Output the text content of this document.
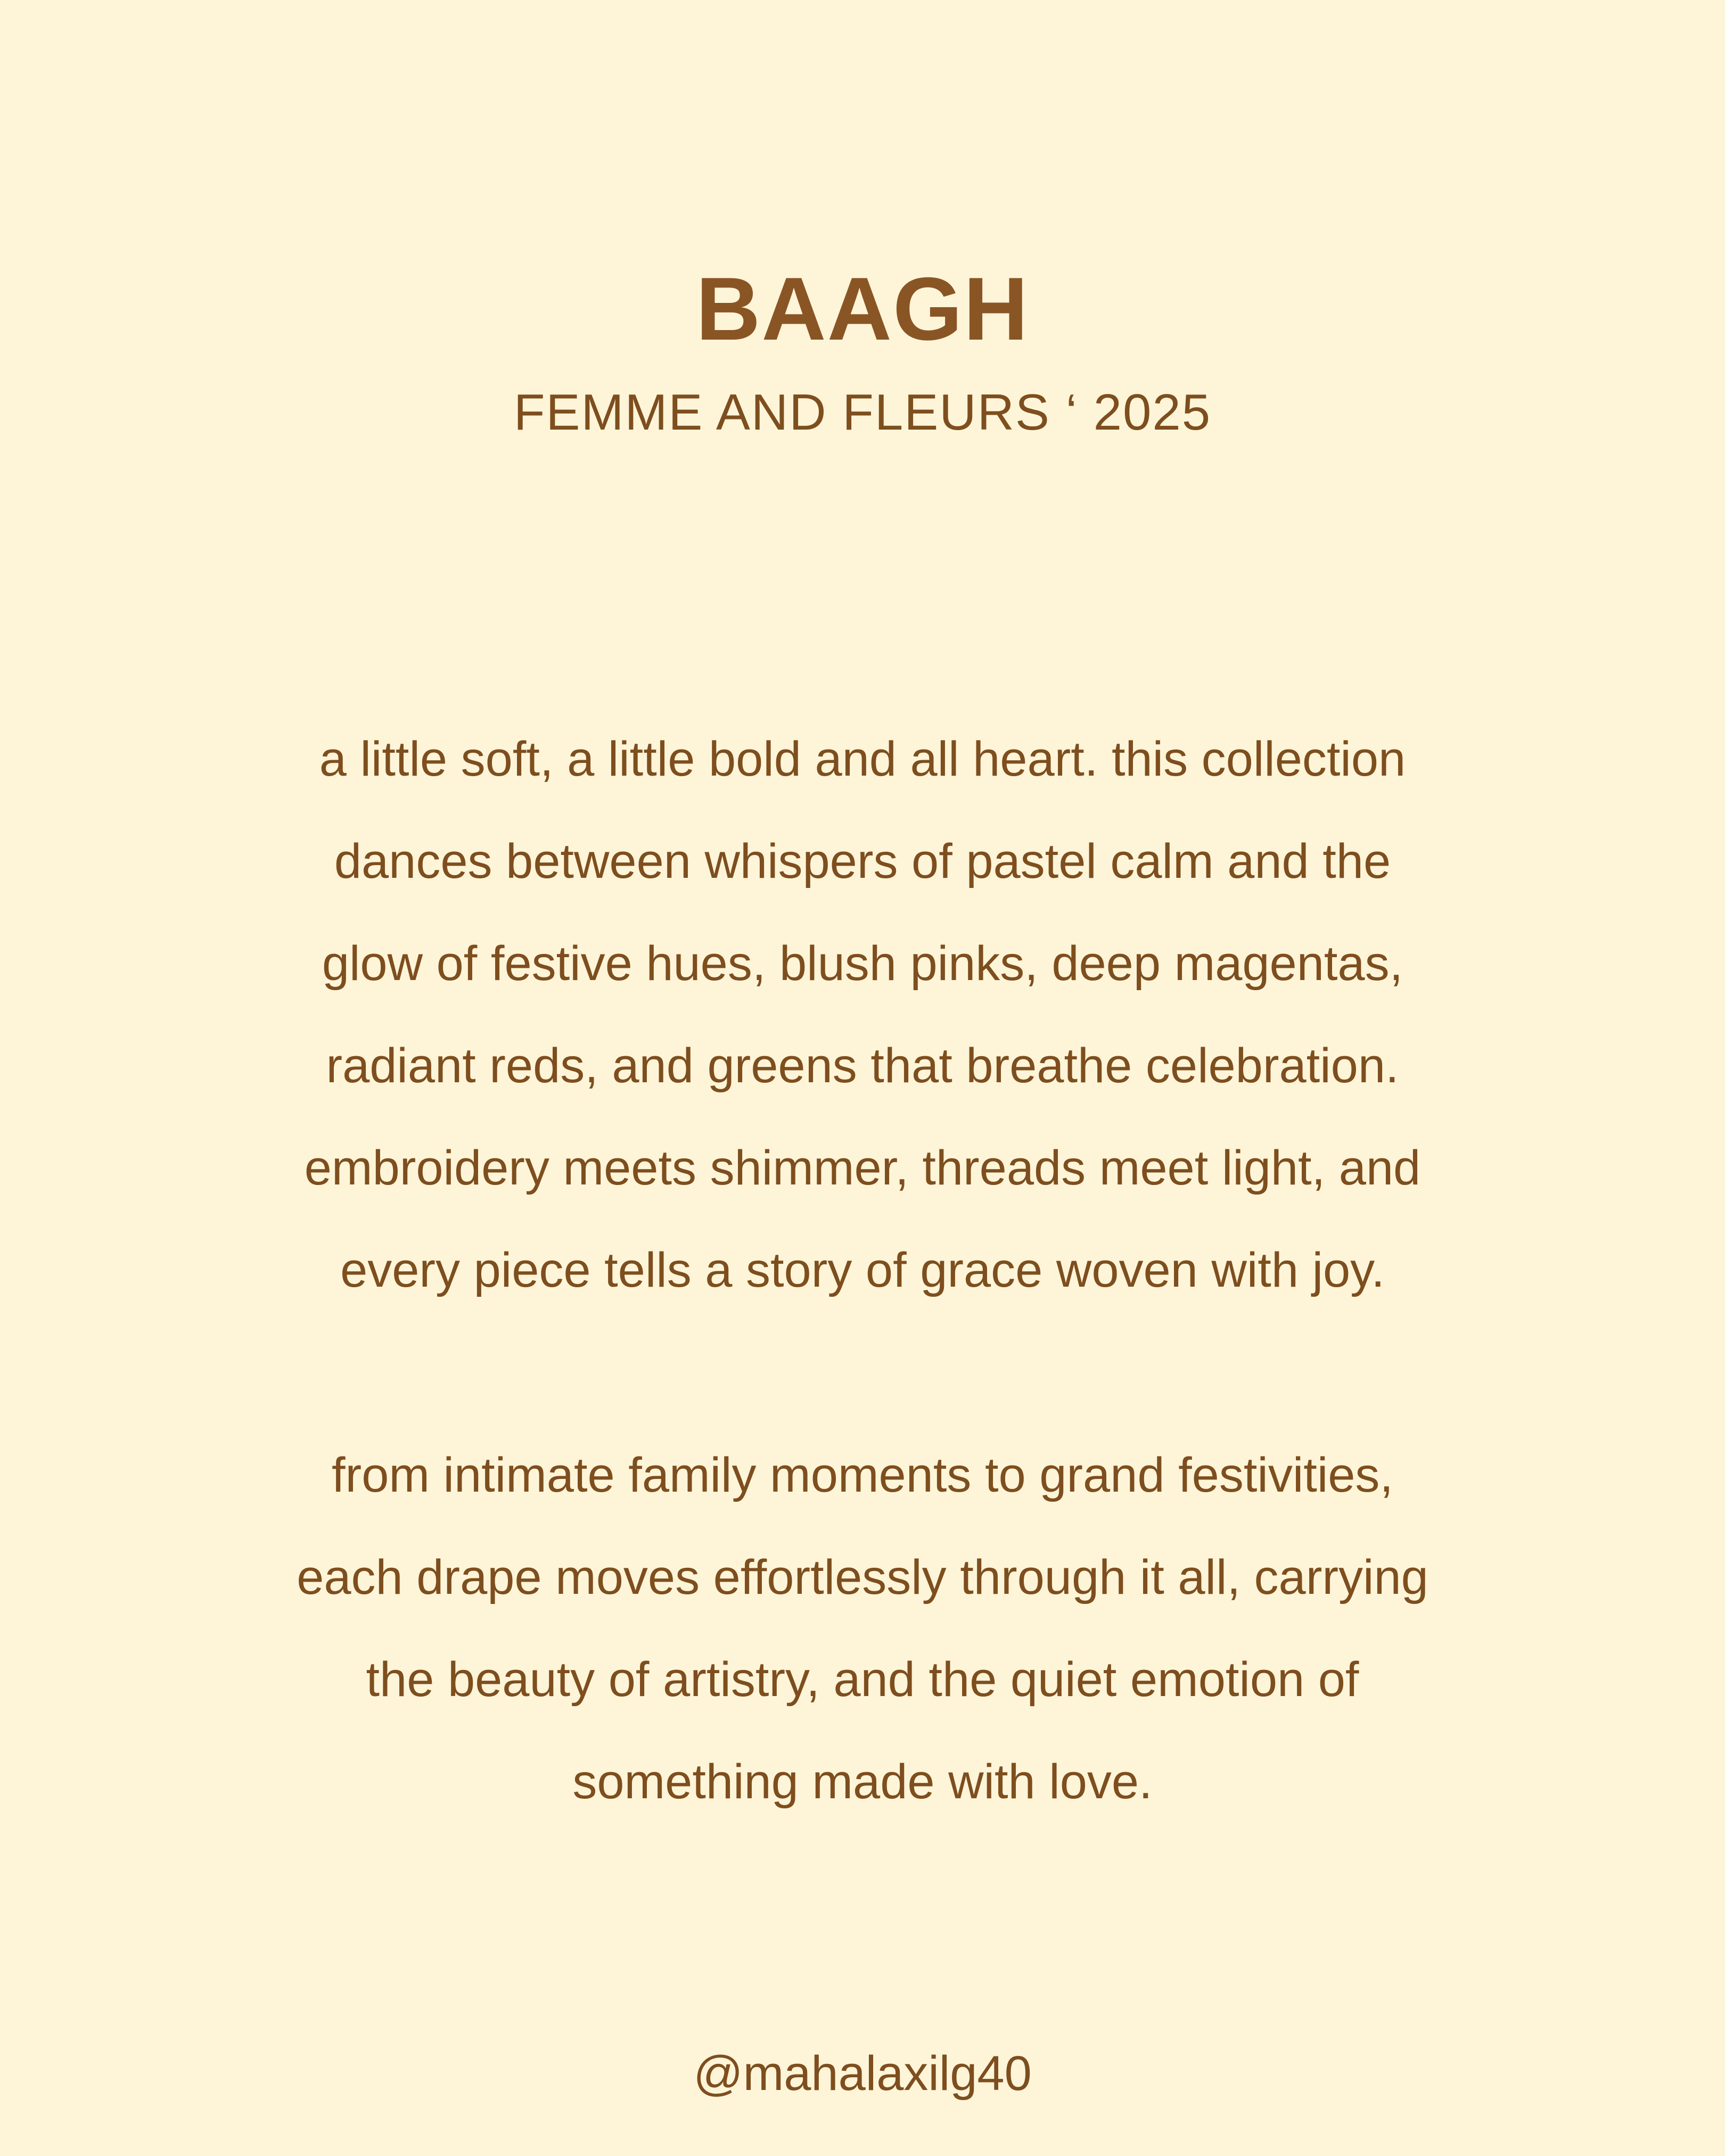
BAAGH
FEMME AND FLEURS ‘ 2025
a little soft, a little bold and all heart. this collection
dances between whispers of pastel calm and the
glow of festive hues, blush pinks, deep magentas,
radiant reds, and greens that breathe celebration.
embroidery meets shimmer, threads meet light, and
every piece tells a story of grace woven with joy.
from intimate family moments to grand festivities,
each drape moves effortlessly through it all, carrying
the beauty of artistry, and the quiet emotion of
something made with love.
@mahalaxilg40
